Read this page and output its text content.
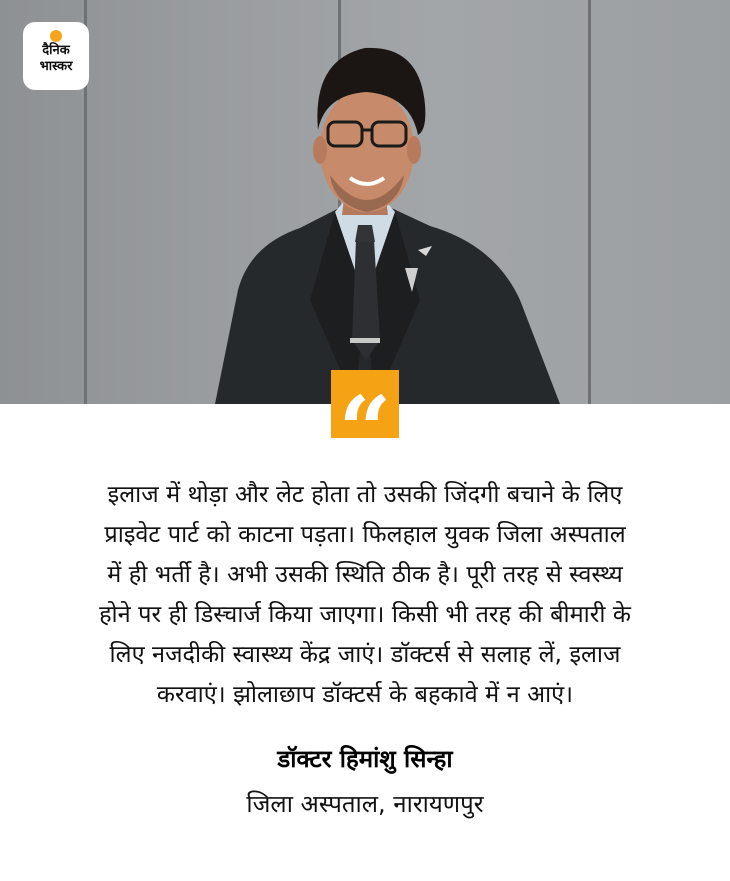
दैनिक
भास्कर
“

इलाज में थोड़ा और लेट होता तो उसकी जिंदगी बचाने के लिए
प्राइवेट पार्ट को काटना पड़ता। फिलहाल युवक जिला अस्पताल
में ही भर्ती है। अभी उसकी स्थिति ठीक है। पूरी तरह से स्वस्थ्य
होने पर ही डिस्चार्ज किया जाएगा। किसी भी तरह की बीमारी के
लिए नजदीकी स्वास्थ्य केंद्र जाएं। डॉक्टर्स से सलाह लें, इलाज
करवाएं। झोलाछाप डॉक्टर्स के बहकावे में न आएं।

डॉक्टर हिमांशु सिन्हा
जिला अस्पताल, नारायणपुर
